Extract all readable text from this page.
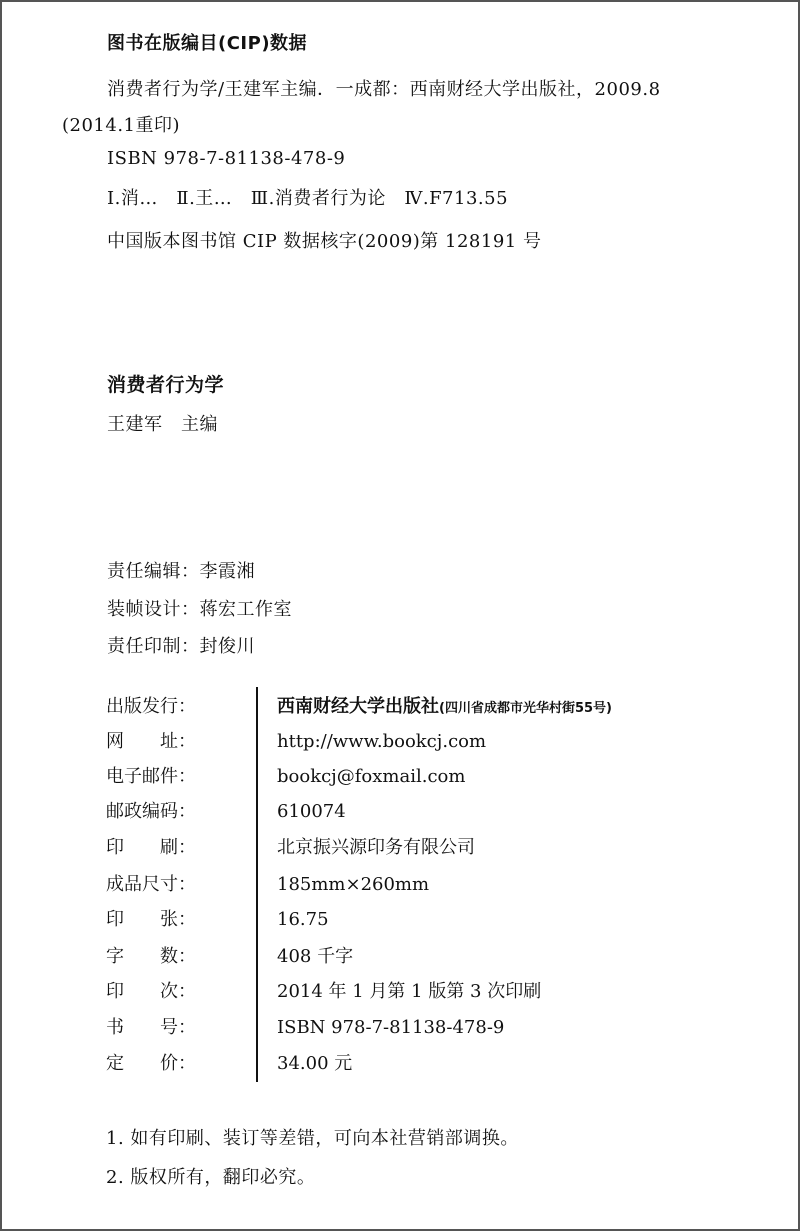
图书在版编目(CIP)数据
消费者行为学/王建军主编．一成都：西南财经大学出版社，2009.8
(2014.1重印)
ISBN 978-7-81138-478-9
Ⅰ.消…　Ⅱ.王…　Ⅲ.消费者行为论　Ⅳ.F713.55
中国版本图书馆 CIP 数据核字(2009)第 128191 号
消费者行为学
王建军　主编
责任编辑：李霞湘
装帧设计：蒋宏工作室
责任印制：封俊川
出版发行：	西南财经大学出版社(四川省成都市光华村街55号)
网　　址：	http://www.bookcj.com
电子邮件：	bookcj@foxmail.com
邮政编码：	610074
印　　刷：	北京振兴源印务有限公司
成品尺寸：	185mm×260mm
印　　张：	16.75
字　　数：	408 千字
印　　次：	2014 年 1 月第 1 版第 3 次印刷
书　　号：	ISBN 978-7-81138-478-9
定　　价：	34.00 元
1. 如有印刷、装订等差错，可向本社营销部调换。
2. 版权所有，翻印必究。
